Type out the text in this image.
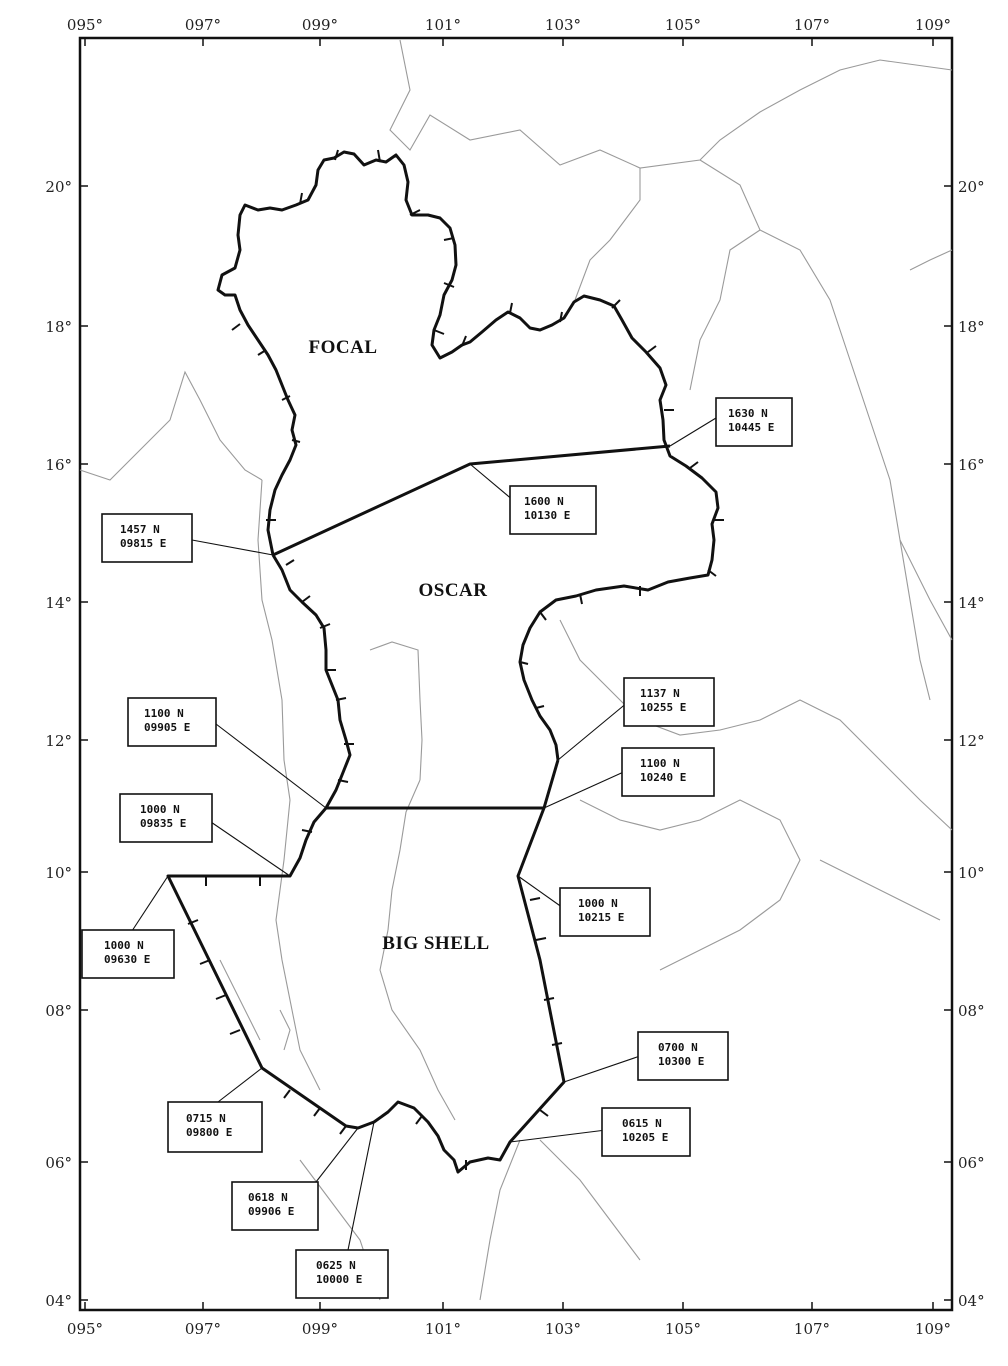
095°	097°	099°	101°	103°	105°	107°	109°
095°	097°	099°	101°	103°	105°	107°	109°
20°
18°
16°
14°
12°
10°
08°
06°
04°
20°
18°
16°
14°
12°
10°
08°
06°
04°
FOCAL
OSCAR
BIG SHELL
1630 N
10445 E
1600 N
10130 E
1457 N
09815 E
1137 N
10255 E
1100 N
09905 E
1100 N
10240 E
1000 N
09835 E
1000 N
10215 E
1000 N
09630 E
0700 N
10300 E
0715 N
09800 E
0615 N
10205 E
0618 N
09906 E
0625 N
10000 E
